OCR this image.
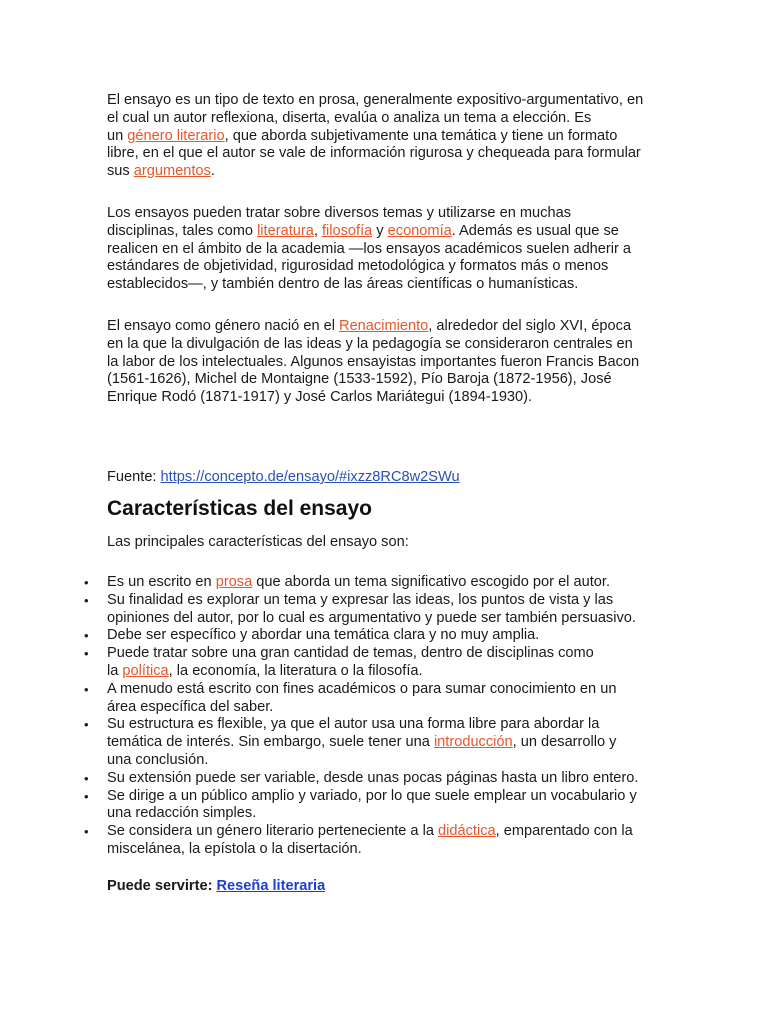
El ensayo es un tipo de texto en prosa, generalmente expositivo-argumentativo, en
el cual un autor reflexiona, diserta, evalúa o analiza un tema a elección. Es
un género literario, que aborda subjetivamente una temática y tiene un formato
libre, en el que el autor se vale de información rigurosa y chequeada para formular
sus argumentos.

Los ensayos pueden tratar sobre diversos temas y utilizarse en muchas
disciplinas, tales como literatura, filosofía y economía. Además es usual que se
realicen en el ámbito de la academia —los ensayos académicos suelen adherir a
estándares de objetividad, rigurosidad metodológica y formatos más o menos
establecidos—, y también dentro de las áreas científicas o humanísticas.

El ensayo como género nació en el Renacimiento, alrededor del siglo XVI, época
en la que la divulgación de las ideas y la pedagogía se consideraron centrales en
la labor de los intelectuales. Algunos ensayistas importantes fueron Francis Bacon
(1561-1626), Michel de Montaigne (1533-1592), Pío Baroja (1872-1956), José
Enrique Rodó (1871-1917) y José Carlos Mariátegui (1894-1930).

Fuente: https://concepto.de/ensayo/#ixzz8RC8w2SWu

Características del ensayo

Las principales características del ensayo son:

• Es un escrito en prosa que aborda un tema significativo escogido por el autor.
• Su finalidad es explorar un tema y expresar las ideas, los puntos de vista y las
opiniones del autor, por lo cual es argumentativo y puede ser también persuasivo.
• Debe ser específico y abordar una temática clara y no muy amplia.
• Puede tratar sobre una gran cantidad de temas, dentro de disciplinas como
la política, la economía, la literatura o la filosofía.
• A menudo está escrito con fines académicos o para sumar conocimiento en un
área específica del saber.
• Su estructura es flexible, ya que el autor usa una forma libre para abordar la
temática de interés. Sin embargo, suele tener una introducción, un desarrollo y
una conclusión.
• Su extensión puede ser variable, desde unas pocas páginas hasta un libro entero.
• Se dirige a un público amplio y variado, por lo que suele emplear un vocabulario y
una redacción simples.
• Se considera un género literario perteneciente a la didáctica, emparentado con la
miscelánea, la epístola o la disertación.

Puede servirte: Reseña literaria
